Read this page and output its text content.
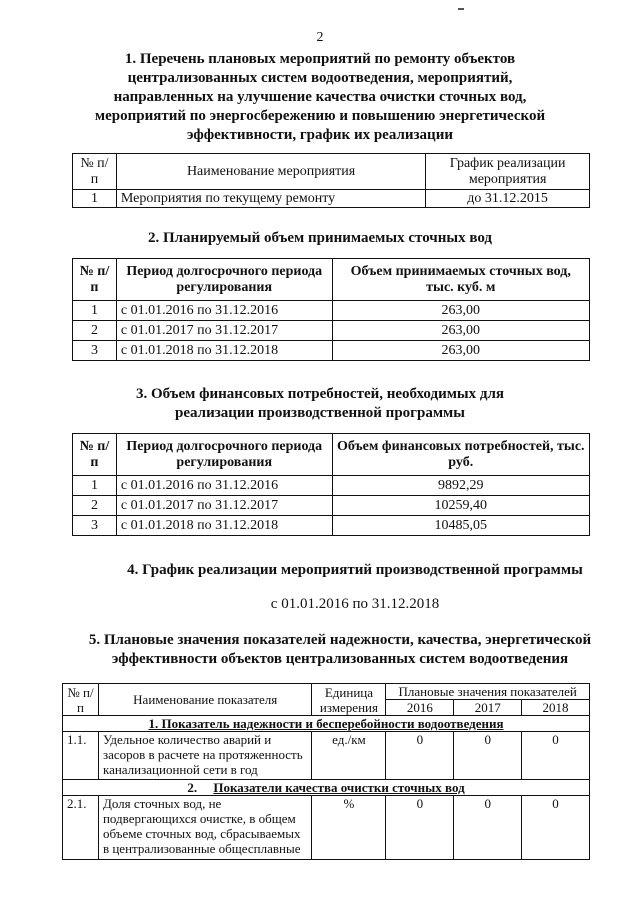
2
1. Перечень плановых мероприятий по ремонту объектов
централизованных систем водоотведения, мероприятий,
направленных на улучшение качества очистки сточных вод,
мероприятий по энергосбережению и повышению энергетической
эффективности, график их реализации
№ п/п	Наименование мероприятия	График реализации мероприятия
1	Мероприятия по текущему ремонту	до 31.12.2015
2. Планируемый объем принимаемых сточных вод
№ п/п	Период долгосрочного периода регулирования	Объем принимаемых сточных вод, тыс. куб. м
1	с 01.01.2016 по 31.12.2016	263,00
2	с 01.01.2017 по 31.12.2017	263,00
3	с 01.01.2018 по 31.12.2018	263,00
3. Объем финансовых потребностей, необходимых для
реализации производственной программы
№ п/п	Период долгосрочного периода регулирования	Объем финансовых потребностей, тыс. руб.
1	с 01.01.2016 по 31.12.2016	9892,29
2	с 01.01.2017 по 31.12.2017	10259,40
3	с 01.01.2018 по 31.12.2018	10485,05
4. График реализации мероприятий производственной программы
с 01.01.2016 по 31.12.2018
5. Плановые значения показателей надежности, качества, энергетической
эффективности объектов централизованных систем водоотведения
№ п/п	Наименование показателя	Единица измерения	Плановые значения показателей		
			2016	2017	2018
1. Показатель надежности и бесперебойности водоотведения					
1.1.	Удельное количество аварий и
засоров в расчете на протяженность
канализационной сети в год	ед./км	0	0	0
2. Показатели качества очистки сточных вод					
2.1.	Доля сточных вод, не
подвергающихся очистке, в общем
объеме сточных вод, сбрасываемых
в централизованные общесплавные	%	0	0	0
